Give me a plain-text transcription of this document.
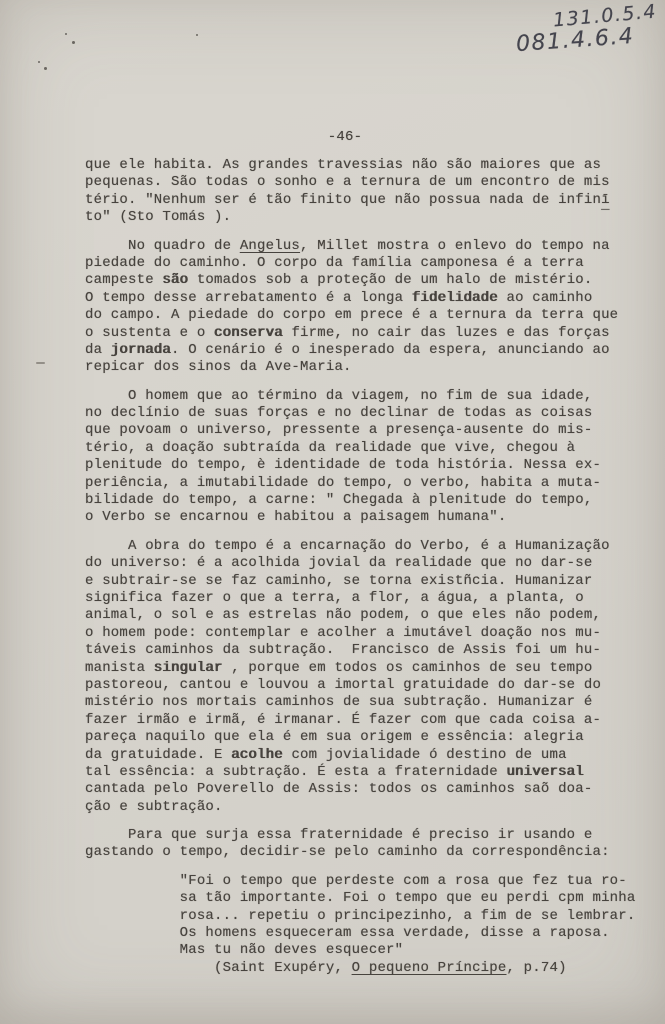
131.0.5.4
081.4.6.4
-46-
que ele habita. As grandes travessias não são maiores que as
pequenas. São todas o sonho e a ternura de um encontro de mis
tério. "Nenhum ser é tão finito que não possua nada de infinī
to" (Sto Tomás ).                                           ¯
No quadro de Angelus, Millet mostra o enlevo do tempo na
piedade do caminho. O corpo da família camponesa é a terra
campeste são tomados sob a proteção de um halo de mistério.
O tempo desse arrebatamento é a longa fidelidade ao caminho
do campo. A piedade do corpo em prece é a ternura da terra que
o sustenta e o conserva firme, no cair das luzes e das forças
da jornada. O cenário é o inesperado da espera, anunciando ao
repicar dos sinos da Ave-Maria.
O homem que ao término da viagem, no fim de sua idade,
no declínio de suas forças e no declinar de todas as coisas
que povoam o universo, pressente a presença-ausente do mis-
tério, a doação subtraída da realidade que vive, chegou à
plenitude do tempo, è identidade de toda história. Nessa ex-
periência, a imutabilidade do tempo, o verbo, habita a muta-
bilidade do tempo, a carne: " Chegada à plenitude do tempo,
o Verbo se encarnou e habitou a paisagem humana".
A obra do tempo é a encarnação do Verbo, é a Humanização
do universo: é a acolhida jovial da realidade que no dar-se
e subtrair-se se faz caminho, se torna existñcia. Humanizar
significa fazer o que a terra, a flor, a água, a planta, o
animal, o sol e as estrelas não podem, o que eles não podem,
o homem pode: contemplar e acolher a imutável doação nos mu-
táveis caminhos da subtração.  Francisco de Assis foi um hu-
manista singular , porque em todos os caminhos de seu tempo
pastoreou, cantou e louvou a imortal gratuidade do dar-se do
mistério nos mortais caminhos de sua subtração. Humanizar é
fazer irmão e irmã, é irmanar. É fazer com que cada coisa a-
pareça naquilo que ela é em sua origem e essência: alegria
da gratuidade. E acolhe com jovialidade ó destino de uma
tal essência: a subtração. É esta a fraternidade universal
cantada pelo Poverello de Assis: todos os caminhos saõ doa-
ção e subtração.
Para que surja essa fraternidade é preciso ir usando e
gastando o tempo, decidir-se pelo caminho da correspondência:
"Foi o tempo que perdeste com a rosa que fez tua ro-
sa tão importante. Foi o tempo que eu perdi cpm minha
rosa... repetiu o principezinho, a fim de se lembrar.
Os homens esqueceram essa verdade, disse a raposa.
Mas tu não deves esquecer"
(Saint Exupéry, O pequeno Príncipe, p.74)
